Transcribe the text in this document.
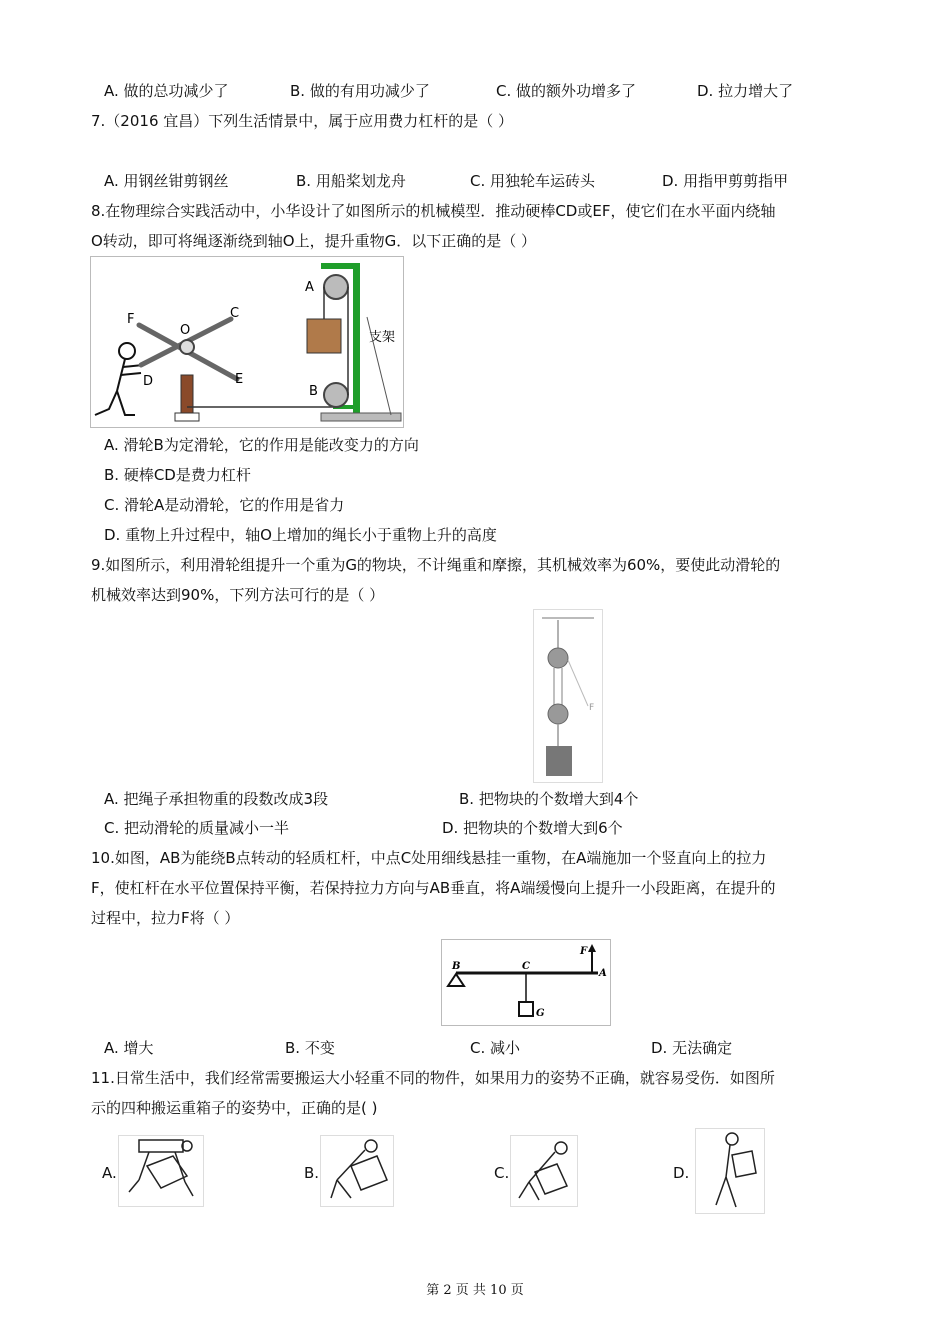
A. 做的总功减少了	B. 做的有用功减少了	C. 做的额外功增多了	D. 拉力增大了
7.（2016 宜昌）下列生活情景中，属于应用费力杠杆的是（ ）
A. 用钢丝钳剪钢丝	B. 用船桨划龙舟	C. 用独轮车运砖头	D. 用指甲剪剪指甲
8.在物理综合实践活动中，小华设计了如图所示的机械模型．推动硬棒CD或EF，使它们在水平面内绕轴
O转动，即可将绳逐渐绕到轴O上，提升重物G．以下正确的是（ ）
F
O
C
D	E
A
B
支架
A. 滑轮B为定滑轮，它的作用是能改变力的方向
B. 硬棒CD是费力杠杆
C. 滑轮A是动滑轮，它的作用是省力
D. 重物上升过程中，轴O上增加的绳长小于重物上升的高度
9.如图所示，利用滑轮组提升一个重为G的物块，不计绳重和摩擦，其机械效率为60%，要使此动滑轮的
机械效率达到90%，下列方法可行的是（ ）
F
A. 把绳子承担物重的段数改成3段	B. 把物块的个数增大到4个
C. 把动滑轮的质量减小一半	D. 把物块的个数增大到6个
10.如图，AB为能绕B点转动的轻质杠杆，中点C处用细线悬挂一重物，在A端施加一个竖直向上的拉力
F，使杠杆在水平位置保持平衡，若保持拉力方向与AB垂直，将A端缓慢向上提升一小段距离，在提升的
过程中，拉力F将（ ）
B	C
F
A
G
A. 增大	B. 不变	C. 减小	D. 无法确定
11.日常生活中，我们经常需要搬运大小轻重不同的物件，如果用力的姿势不正确，就容易受伤．如图所
示的四种搬运重箱子的姿势中，正确的是( )
A.	B.	C.	D.
第 2 页 共 10 页
